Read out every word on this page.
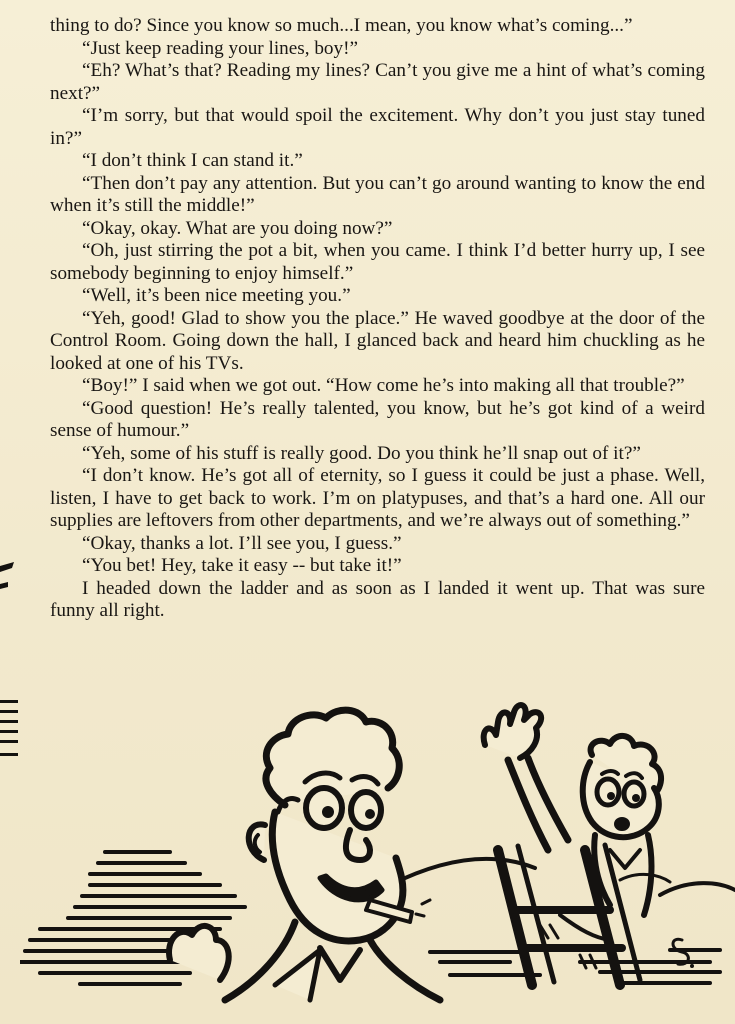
thing to do? Since you know so much...I mean, you know what’s coming...”

“Just keep reading your lines, boy!”

“Eh? What’s that? Reading my lines? Can’t you give me a hint of what’s coming next?”

“I’m sorry, but that would spoil the excitement. Why don’t you just stay tuned in?”

“I don’t think I can stand it.”

“Then don’t pay any attention. But you can’t go around wanting to know the end when it’s still the middle!”

“Okay, okay. What are you doing now?”

“Oh, just stirring the pot a bit, when you came. I think I’d better hurry up, I see somebody beginning to enjoy himself.”

“Well, it’s been nice meeting you.”

“Yeh, good! Glad to show you the place.” He waved goodbye at the door of the Control Room. Going down the hall, I glanced back and heard him chuckling as he looked at one of his TVs.

“Boy!” I said when we got out. “How come he’s into making all that trouble?”

“Good question! He’s really talented, you know, but he’s got kind of a weird sense of humour.”

“Yeh, some of his stuff is really good. Do you think he’ll snap out of it?”

“I don’t know. He’s got all of eternity, so I guess it could be just a phase. Well, listen, I have to get back to work. I’m on platypuses, and that’s a hard one. All our supplies are leftovers from other departments, and we’re always out of something.”

“Okay, thanks a lot. I’ll see you, I guess.”

“You bet! Hey, take it easy -- but take it!”

I headed down the ladder and as soon as I landed it went up. That was sure funny all right.
